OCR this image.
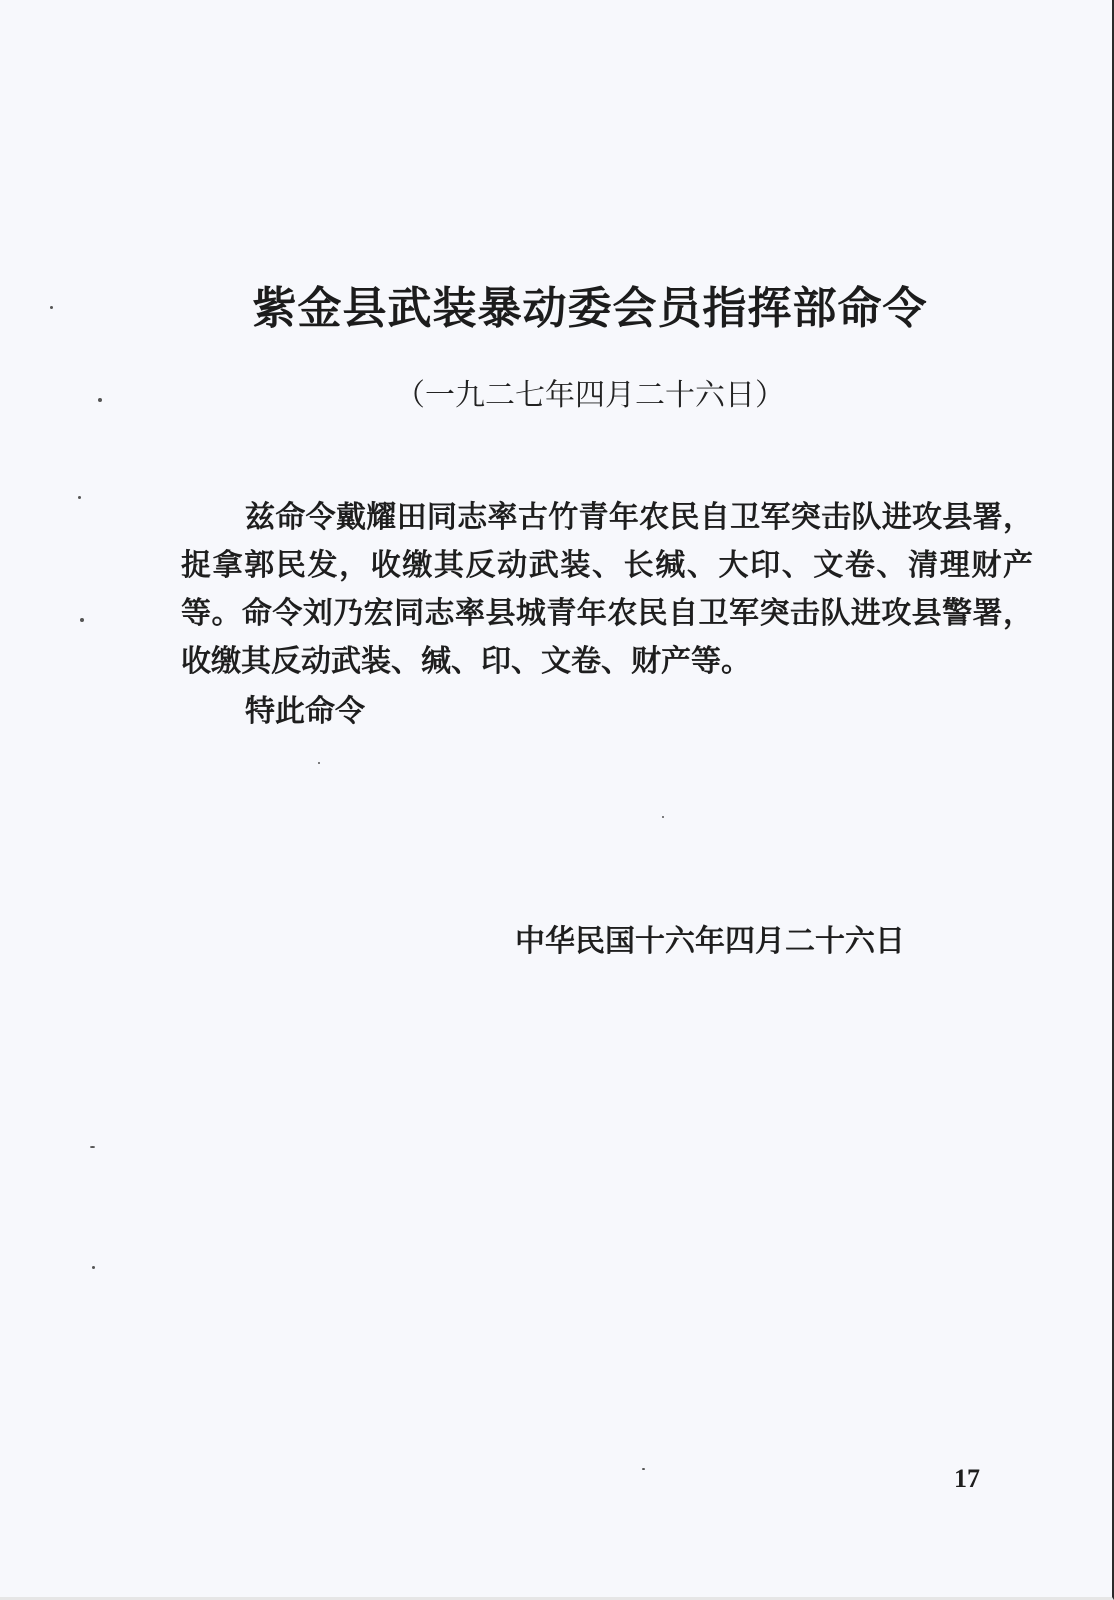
紫金县武装暴动委会员指挥部命令
（一九二七年四月二十六日）

兹命令戴耀田同志率古竹青年农民自卫军突击队进攻县署，捉拿郭民发，收缴其反动武装、长缄、大印、文卷、清理财产等。命令刘乃宏同志率县城青年农民自卫军突击队进攻县警署，收缴其反动武装、缄、印、文卷、财产等。

特此命令
中华民国十六年四月二十六日
17
